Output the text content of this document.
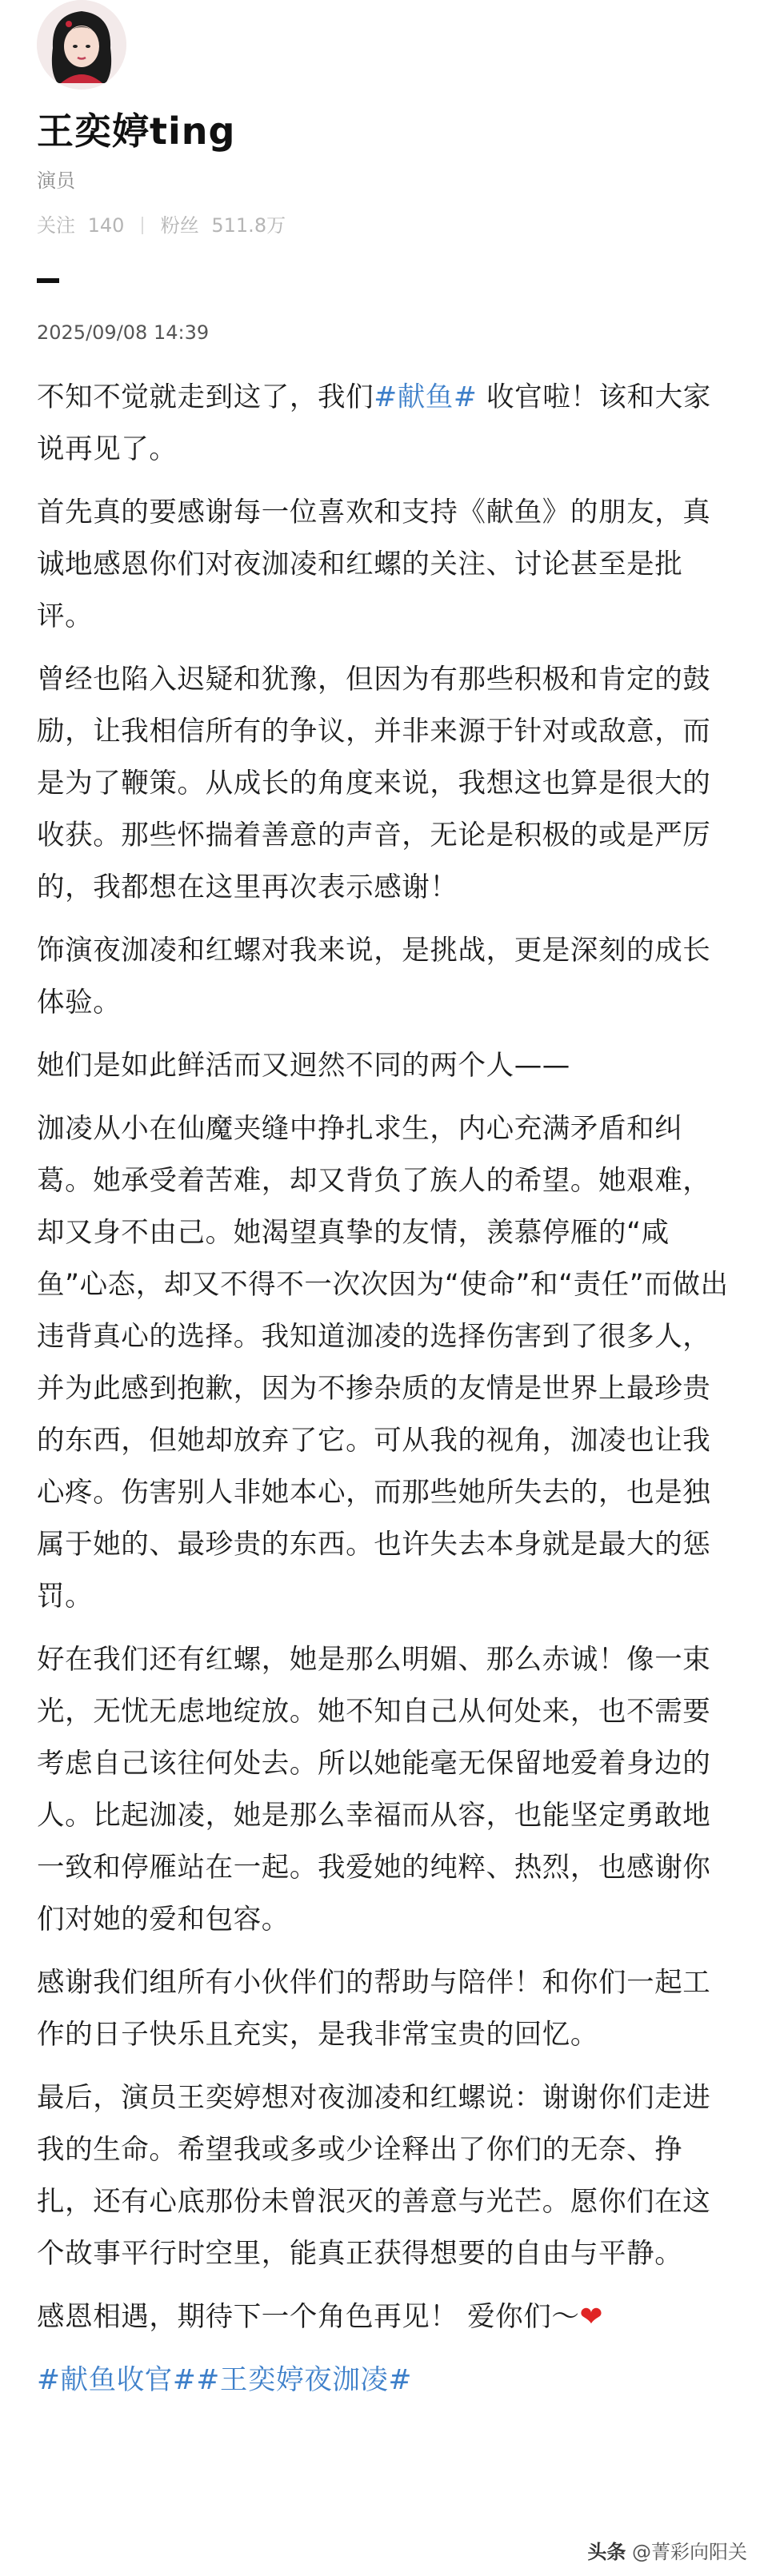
王奕婷ting
演员
关注 140 粉丝 511.8万
2025/09/08 14:39

不知不觉就走到这了，我们#献鱼# 收官啦！该和大家说再见了。

首先真的要感谢每一位喜欢和支持《献鱼》的朋友，真诚地感恩你们对夜泇凌和红螺的关注、讨论甚至是批评。

曾经也陷入迟疑和犹豫，但因为有那些积极和肯定的鼓励，让我相信所有的争议，并非来源于针对或敌意，而是为了鞭策。从成长的角度来说，我想这也算是很大的收获。那些怀揣着善意的声音，无论是积极的或是严厉的，我都想在这里再次表示感谢！

饰演夜泇凌和红螺对我来说，是挑战，更是深刻的成长体验。

她们是如此鲜活而又迥然不同的两个人——

泇凌从小在仙魔夹缝中挣扎求生，内心充满矛盾和纠葛。她承受着苦难，却又背负了族人的希望。她艰难，却又身不由己。她渴望真挚的友情，羡慕停雁的“咸鱼”心态，却又不得不一次次因为“使命”和“责任”而做出违背真心的选择。我知道泇凌的选择伤害到了很多人，并为此感到抱歉，因为不掺杂质的友情是世界上最珍贵的东西，但她却放弃了它。可从我的视角，泇凌也让我心疼。伤害别人非她本心，而那些她所失去的，也是独属于她的、最珍贵的东西。也许失去本身就是最大的惩罚。

好在我们还有红螺，她是那么明媚、那么赤诚！像一束光，无忧无虑地绽放。她不知自己从何处来，也不需要考虑自己该往何处去。所以她能毫无保留地爱着身边的人。比起泇凌，她是那么幸福而从容，也能坚定勇敢地一致和停雁站在一起。我爱她的纯粹、热烈，也感谢你们对她的爱和包容。

感谢我们组所有小伙伴们的帮助与陪伴！和你们一起工作的日子快乐且充实，是我非常宝贵的回忆。

最后，演员王奕婷想对夜泇凌和红螺说：谢谢你们走进我的生命。希望我或多或少诠释出了你们的无奈、挣扎，还有心底那份未曾泯灭的善意与光芒。愿你们在这个故事平行时空里，能真正获得想要的自由与平静。

感恩相遇，期待下一个角色再见！ 爱你们～❤

#献鱼收官##王奕婷夜泇凌#

头条 @菁彩向阳关
